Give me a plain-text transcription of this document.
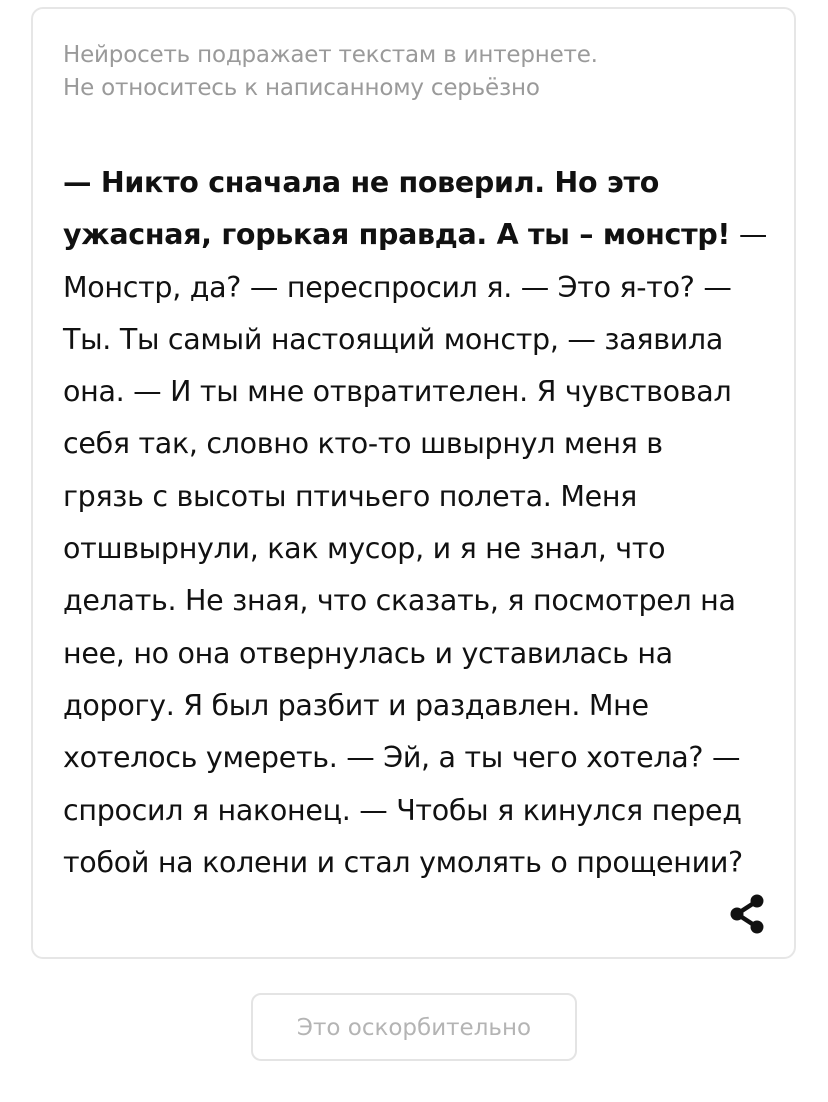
Нейросеть подражает текстам в интернете.
Не относитесь к написанному серьёзно
— Никто сначала не поверил. Но это
ужасная, горькая правда. А ты – монстр! —
Монстр, да? — переспросил я. — Это я-то? —
Ты. Ты самый настоящий монстр, — заявила
она. — И ты мне отвратителен. Я чувствовал
себя так, словно кто-то швырнул меня в
грязь с высоты птичьего полета. Меня
отшвырнули, как мусор, и я не знал, что
делать. Не зная, что сказать, я посмотрел на
нее, но она отвернулась и уставилась на
дорогу. Я был разбит и раздавлен. Мне
хотелось умереть. — Эй, а ты чего хотела? —
спросил я наконец. — Чтобы я кинулся перед
тобой на колени и стал умолять о прощении?
Это оскорбительно
